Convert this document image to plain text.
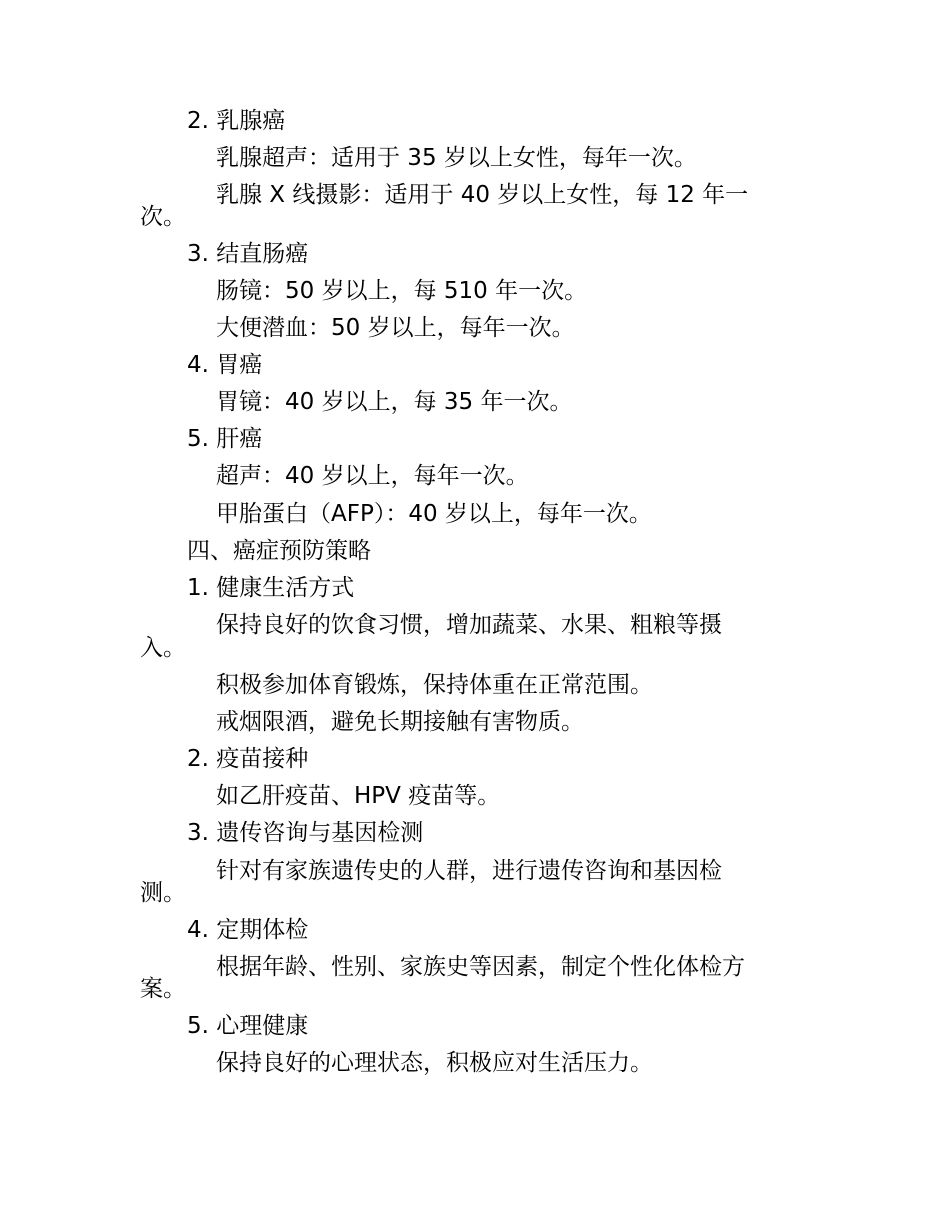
2. 乳腺癌
乳腺超声：适用于 35 岁以上女性，每年一次。
乳腺 X 线摄影：适用于 40 岁以上女性，每 12 年一
次。
3. 结直肠癌
肠镜：50 岁以上，每 510 年一次。
大便潜血：50 岁以上，每年一次。
4. 胃癌
胃镜：40 岁以上，每 35 年一次。
5. 肝癌
超声：40 岁以上，每年一次。
甲胎蛋白（AFP）：40 岁以上，每年一次。
四、癌症预防策略
1. 健康生活方式
保持良好的饮食习惯，增加蔬菜、水果、粗粮等摄
入。
积极参加体育锻炼，保持体重在正常范围。
戒烟限酒，避免长期接触有害物质。
2. 疫苗接种
如乙肝疫苗、HPV 疫苗等。
3. 遗传咨询与基因检测
针对有家族遗传史的人群，进行遗传咨询和基因检
测。
4. 定期体检
根据年龄、性别、家族史等因素，制定个性化体检方
案。
5. 心理健康
保持良好的心理状态，积极应对生活压力。
